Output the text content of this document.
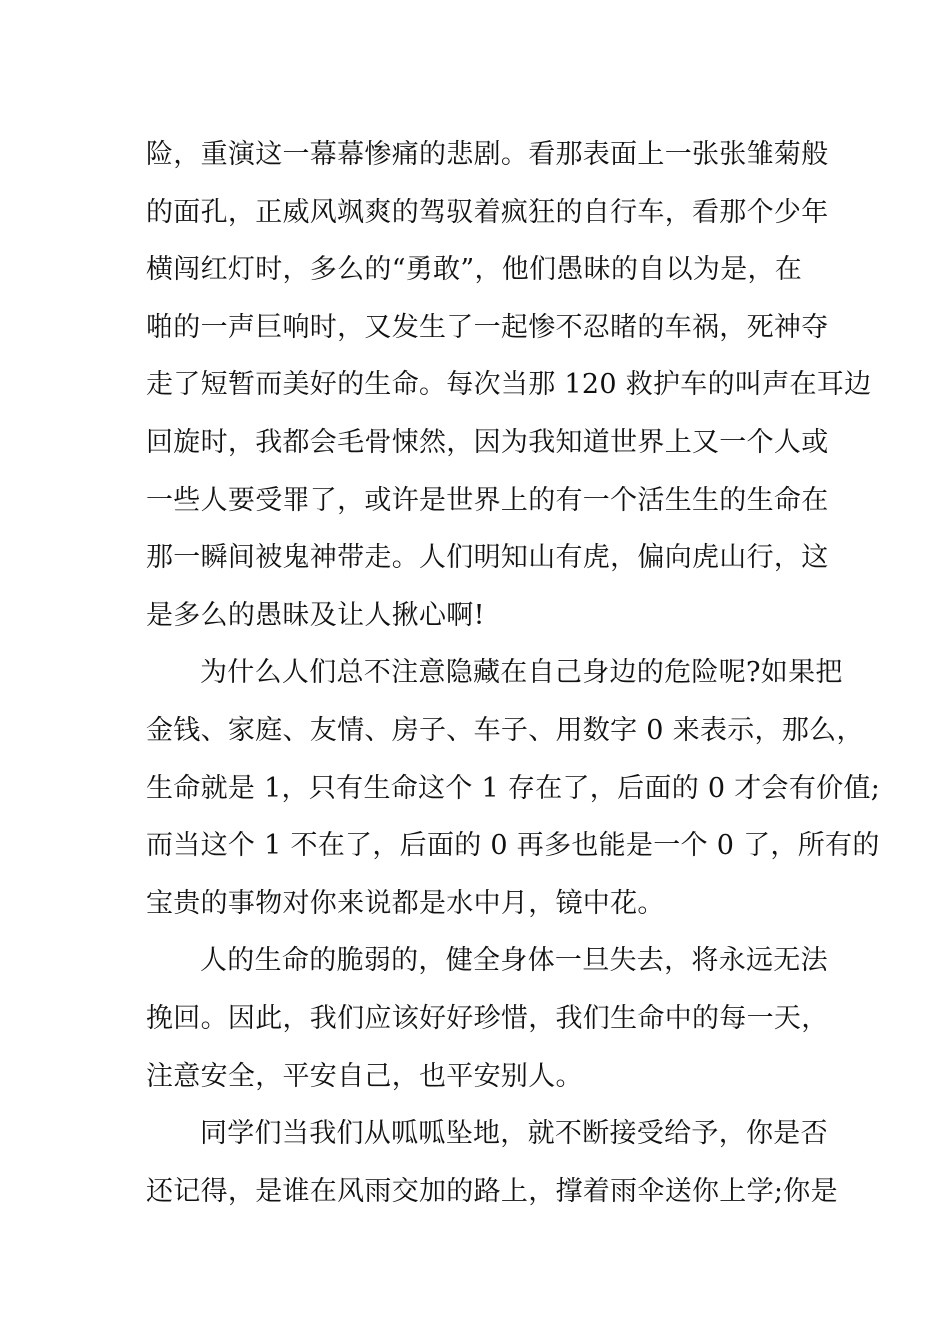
险，重演这一幕幕惨痛的悲剧。看那表面上一张张雏菊般
的面孔，正威风飒爽的驾驭着疯狂的自行车，看那个少年
横闯红灯时，多么的“勇敢”，他们愚昧的自以为是，在
啪的一声巨响时，又发生了一起惨不忍睹的车祸，死神夺
走了短暂而美好的生命。每次当那 120 救护车的叫声在耳边
回旋时，我都会毛骨悚然，因为我知道世界上又一个人或
一些人要受罪了，或许是世界上的有一个活生生的生命在
那一瞬间被鬼神带走。人们明知山有虎，偏向虎山行，这
是多么的愚昧及让人揪心啊!
为什么人们总不注意隐藏在自己身边的危险呢?如果把
金钱、家庭、友情、房子、车子、用数字 0 来表示，那么，
生命就是 1，只有生命这个 1 存在了，后面的 0 才会有价值;
而当这个 1 不在了，后面的 0 再多也能是一个 0 了，所有的
宝贵的事物对你来说都是水中月，镜中花。
人的生命的脆弱的，健全身体一旦失去，将永远无法
挽回。因此，我们应该好好珍惜，我们生命中的每一天，
注意安全，平安自己，也平安别人。
同学们当我们从呱呱坠地，就不断接受给予，你是否
还记得，是谁在风雨交加的路上，撑着雨伞送你上学;你是
